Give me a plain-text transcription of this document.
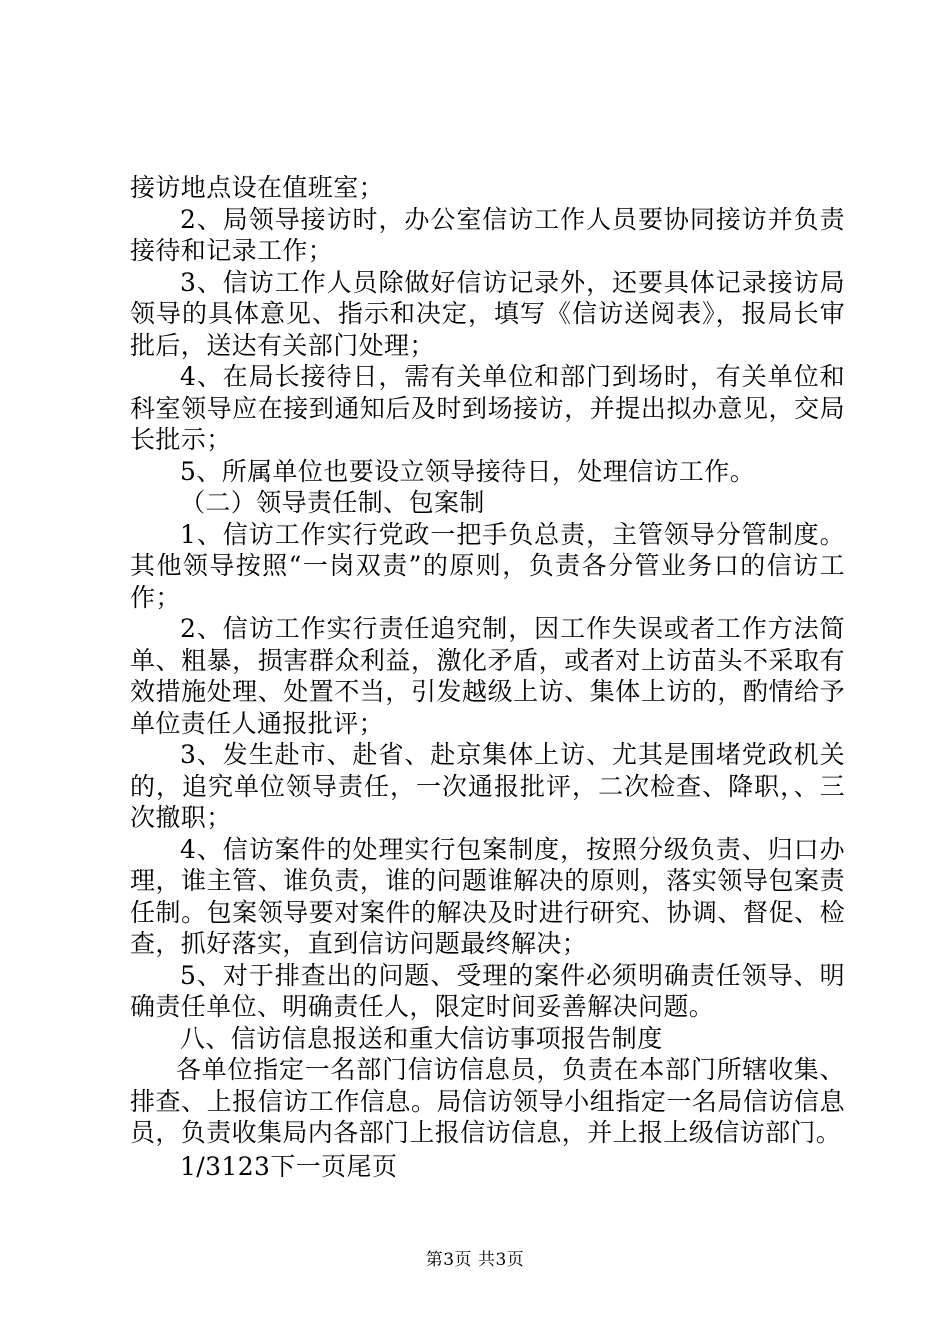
接访地点设在值班室；

2、局领导接访时，办公室信访工作人员要协同接访并负责接待和记录工作；

3、信访工作人员除做好信访记录外，还要具体记录接访局领导的具体意见、指示和决定，填写《信访送阅表》，报局长审批后，送达有关部门处理；

4、在局长接待日，需有关单位和部门到场时，有关单位和科室领导应在接到通知后及时到场接访，并提出拟办意见，交局长批示；

5、所属单位也要设立领导接待日，处理信访工作。

（二）领导责任制、包案制

1、信访工作实行党政一把手负总责，主管领导分管制度。其他领导按照“一岗双责”的原则，负责各分管业务口的信访工作；

2、信访工作实行责任追究制，因工作失误或者工作方法简单、粗暴，损害群众利益，激化矛盾，或者对上访苗头不采取有效措施处理、处置不当，引发越级上访、集体上访的，酌情给予单位责任人通报批评；

3、发生赴市、赴省、赴京集体上访、尤其是围堵党政机关的，追究单位领导责任，一次通报批评，二次检查、降职，、三次撤职；

4、信访案件的处理实行包案制度，按照分级负责、归口办理，谁主管、谁负责，谁的问题谁解决的原则，落实领导包案责任制。包案领导要对案件的解决及时进行研究、协调、督促、检查，抓好落实，直到信访问题最终解决；

5、对于排查出的问题、受理的案件必须明确责任领导、明确责任单位、明确责任人，限定时间妥善解决问题。

八、信访信息报送和重大信访事项报告制度

各单位指定一名部门信访信息员，负责在本部门所辖收集、排查、上报信访工作信息。局信访领导小组指定一名局信访信息员，负责收集局内各部门上报信访信息，并上报上级信访部门。

1/3123下一页尾页

第3页 共3页
